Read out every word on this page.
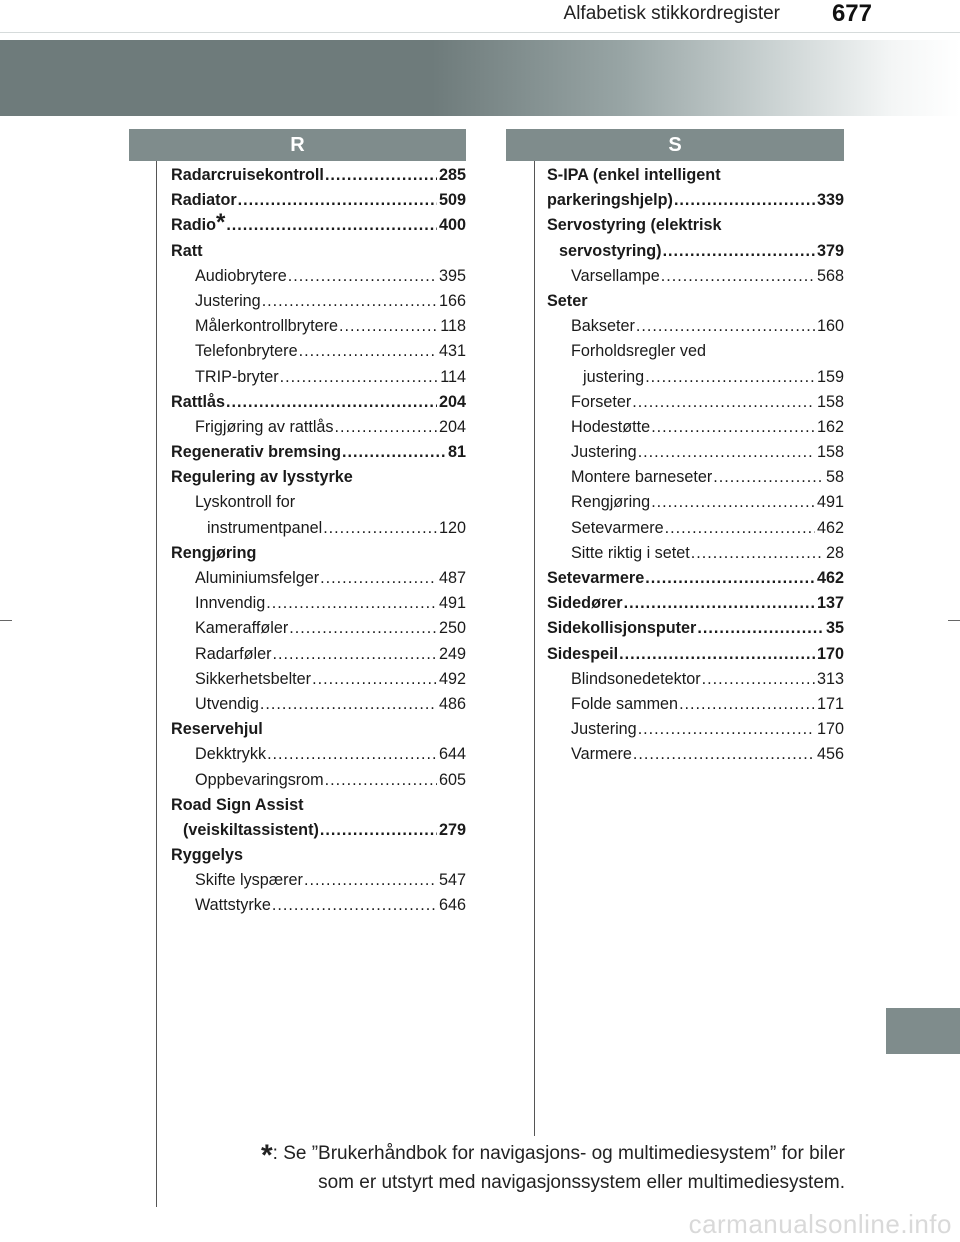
Alfabetisk stikkordregister 677
R	S
Radarcruisekontroll .....	285
Radiator .....	509
Radio * .....	400
Ratt
Audiobrytere .....	395
Justering .....	166
Målerkontrollbrytere .....	118
Telefonbrytere .....	431
TRIP-bryter .....	114
Rattlås .....	204
Frigjøring av rattlås .....	204
Regenerativ bremsing .....	81
Regulering av lysstyrke
Lyskontroll for
instrumentpanel .....	120
Rengjøring
Aluminiumsfelger .....	487
Innvendig .....	491
Kamerafføler .....	250
Radarføler .....	249
Sikkerhetsbelter .....	492
Utvendig .....	486
Reservehjul
Dekktrykk .....	644
Oppbevaringsrom .....	605
Road Sign Assist
(veiskiltassistent) .....	279
Ryggelys
Skifte lyspærer .....	547
Wattstyrke .....	646
S-IPA (enkel intelligent
parkeringshjelp) .....	339
Servostyring (elektrisk
servostyring) .....	379
Varsellampe .....	568
Seter
Bakseter .....	160
Forholdsregler ved
justering .....	159
Forseter .....	158
Hodestøtte .....	162
Justering .....	158
Montere barneseter .....	58
Rengjøring .....	491
Setevarmere .....	462
Sitte riktig i setet .....	28
Setevarmere .....	462
Sidedører .....	137
Sidekollisjonsputer .....	35
Sidespeil .....	170
Blindsonedetektor .....	313
Folde sammen .....	171
Justering .....	170
Varmere .....	456
*: Se ”Brukerhåndbok for navigasjons- og multimediesystem” for biler
som er utstyrt med navigasjonssystem eller multimediesystem.
carmanualsonline.info
